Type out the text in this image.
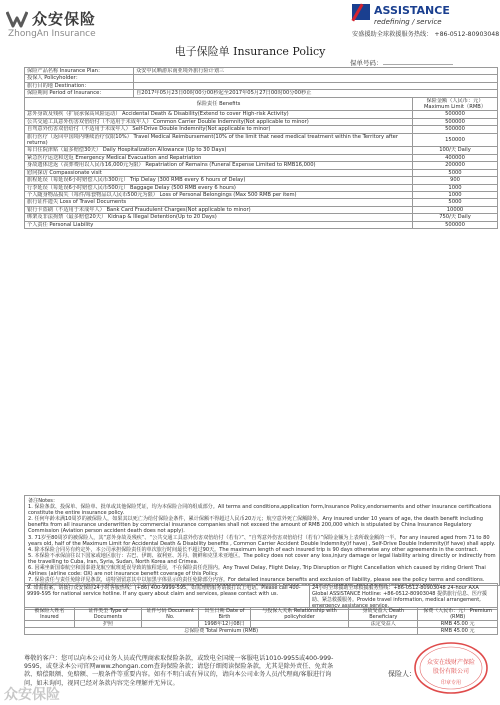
众安保险
ZhongAn Insurance
ASSISTANCE
redefining / service
安盛援助全球救援服务热线： +86-0512-80903048
电子保险单 Insurance Policy
保单号码：
保险产品名称 Insurance Plan：	众安中民晒游东南亚境外旅行险计划三	
投保人 Policyholder：		
旅行目的地 Destination：		
保险期间 Period of Insurance：	自2017年05月23日00时00分00秒起至2017年05月27日00时00分00秒止	
保险责任 Benefits		保险金额（人民币：元） Maximum Limit（RMB）
意外身故及残疾（扩展承保高风险运动） Accidental Death & Disability(Extend to cover High-risk Activity)		500000
公共交通工具意外伤害双倍给付（不适用于未成年人） Common Carrier Double Indemnity(Not applicable to minor)		500000
自驾意外伤害双倍给付（不适用于未成年人） Self-Drive Double Indemnity(Not applicable to minor)		500000
旅行医疗（返回中国境内继续治疗仅限10%） Travel Medical Reimbursement(10% of the limit that need medical treatment within the Territory after returns)		150000
每日住院津贴（最多赔偿30天） Daily Hospitalization Allowance (Up to 30 Days)		100/天 Daily
紧急医疗运送和送返 Emergency Medical Evacuation and Repatriation		400000
身故遗体送返（丧葬费用以人民币16,000元为限） Repatriation of Remains (Funeral Expense Limited to RMB16,000)		200000
慰问探访 Compassionate visit		5000
旅程延误（每延误6小时赔偿人民币300元） Trip Delay (300 RMB every 6 hours of Delay)		900
行李延误（每延误6小时赔偿人民币500元） Baggage Delay (500 RMB every 6 hours)		1000
个人随身物品损失（每件/每套物品以人民币500元为限） Loss of Personal Belongings (Max 500 RMB per item)		1000
旅行证件遗失 Loss of Travel Documents		5000
银行卡盗刷（不适用于未成年人） Bank Card Fraudulent Charges(Not applicable to minor)		10000
绑架及非法拘禁（最多赔偿20天） Kidnap & Illegal Detention(Up to 20 Days)		750/天 Daily
个人责任 Personal Liability		500000

备注Notes：

1. 保险条款、投保单、保险单、批单或其他保险凭证，均为本保险合同的组成部分。All terms and conditions,application form,Insurance Policy,endorsements and other insurance certifications constitute the entire insurance policy.

2. 任何年龄未满10周岁的被保险人，如果其以死亡为给付保险金条件，累计保额不得超过人民币20万元；航空意外死亡保额除外。Any insured under 10 years of age, the death benefit including benefits from all insurance underwritten by commercial insurance companies shall not exceed the amount of RMB 200,000 which is stipulated by China Insurance Regulatory Commission (Aviation person accident death does not apply).

3. 71岁至80周岁的被保险人，其“意外身故及残疾”、“公共交通工具意外伤害双倍给付（若有）”、“自驾意外伤害双倍给付（若有）”保险金额为上表所载金额的一半。For any insured aged from 71 to 80 years old, half of the Maximum Limit for Accidental Death & Disability benefits , Common Carrier Accident Double Indemnity(if have) , Self-Drive Double Indemnity(if have) shall apply.

4. 除本保险合同另有约定外，本公司承担保险责任的单次旅行时间最长不超过90天。The maximum length of each insured trip is 90 days otherwise any other agreements in the contract.

5. 本保险不承保前往以下国家或地区旅行：古巴、伊朗、叙利亚、苏丹、朝鲜和克里米亚地区。The policy does not cover any loss,injury damage or legal liability arising directly or indirectly from the travelling to Cuba, Iran, Syria, Sudan, North Korea and Crimea.

6. 因乘坐新国泰航空和国泰港龙航空航班延误导致的旅程延误，不在保险责任范围内。Any Travel Delay, Flight Delay, Trip Disruption or Flight Cancellation which caused by riding Orient Thai Airlines (airline code: OX) are not insurance benefit coverage of this Policy.

7. 保险责任与责任免除详见条款，请特别留意其中以加黑字体显示的责任免除部分内容。For detailed insurance benefits and exclusion of liability, please see the policy terms and conditions.

9. 如需报案，请拨打众安保险24小时客服热线：(+86) 400-9999-595，如需理赔服务请拨打以上电话。Please call 400-9999-595 for national service hotline. If any query about claim and services, please contact with us.	24小时全球援助全球救援服务热线：+86-0512-80903048 24-hour AXA Global ASSISTANCE Hotline: +86-0512-80903048 提供旅行信息、医疗援助、紧急救援服务。Provide travel information, medical arrangement, emergency assistance service.
被保险人姓名 Insured	证件类型 Type of Documents	证件号码 Document No.	出生日期 Date of Birth	与投保人关系 Relationship with policyholder	身故受益人 Death Beneficiary	保费（人民币：元） Premium (RMB)
	护照		1998年12月08日		法定受益人	RMB 45.00 元
总保险费 Total Premium (RMB)						RMB 45.00 元
尊敬的客户：您可以向本公司业务人员或代理商索取保险条款，或致电全国统一客服电话1010-9955或400-999-9595，或登录本公司官网www.zhongan.com查询保险条款；请您仔细阅读保险条款，尤其是除外责任、免责条款、赔偿限额、免赔额、一般条件等重要内容。如有不明白或有异议的，请向本公司业务人员/代理商/客服进行询问，如未询问，视同已经对条款内容完全理解并无异议。
保险人：
众安在线财产保险
股份有限公司
印章专用
众安保险
